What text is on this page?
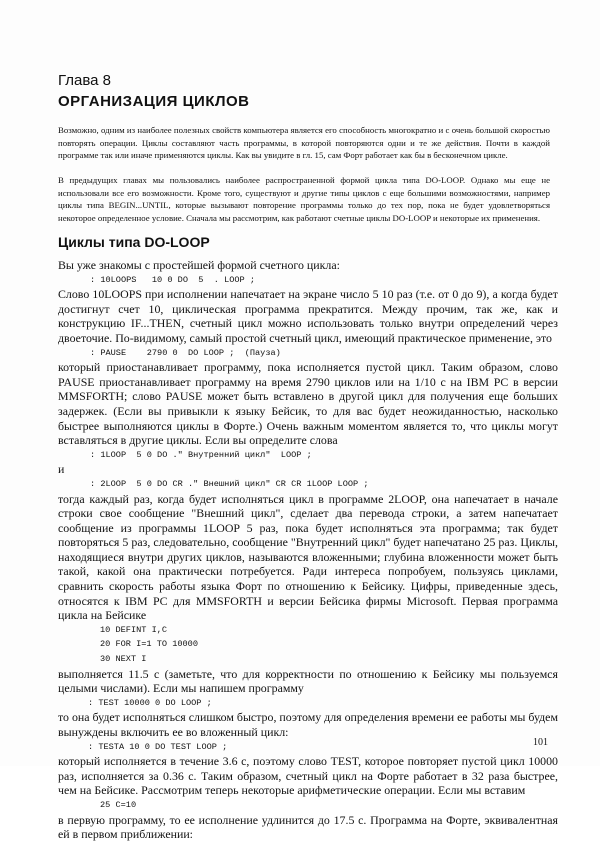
Глава 8
ОРГАНИЗАЦИЯ ЦИКЛОВ

Возможно, одним из наиболее полезных свойств компьютера является его способность многократно и с очень большой скоростью повторять операции. Циклы составляют часть программы, в которой повторяются одни и те же действия. Почти в каждой программе так или иначе применяются циклы. Как вы увидите в гл. 15, сам Форт работает как бы в бесконечном цикле.

В предыдущих главах мы пользовались наиболее распространенной формой цикла типа DO-LOOP. Однако мы еще не использовали все его возможности. Кроме того, существуют и другие типы циклов с еще большими возможностями, например циклы типа BEGIN...UNTIL, которые вызывают повторение программы только до тех пор, пока не будет удовлетворяться некоторое определенное условие. Сначала мы рассмотрим, как работают счетные циклы DO-LOOP и некоторые их применения.

Циклы типа DO-LOOP

Вы уже знакомы с простейшей формой счетного цикла:

: 10LOOPS   10 0 DO  5  . LOOP ;

Слово 10LOOPS при исполнении напечатает на экране число 5 10 раз (т.е. от 0 до 9), а когда будет достигнут счет 10, циклическая программа прекратится. Между прочим, так же, как и конструкцию IF...THEN, счетный цикл можно использовать только внутри определений через двоеточие. По-видимому, самый простой счетный цикл, имеющий практическое применение, это

: PAUSE    2790 0  DO LOOP ;  (Пауза)

который приостанавливает программу, пока исполняется пустой цикл. Таким образом, слово PAUSE приостанавливает программу на время 2790 циклов или на 1/10 с на IBM PC в версии MMSFORTH; слово PAUSE может быть вставлено в другой цикл для получения еще больших задержек. (Если вы привыкли к языку Бейсик, то для вас будет неожиданностью, насколько быстрее выполняются циклы в Форте.) Очень важным моментом является то, что циклы могут вставляться в другие циклы. Если вы определите слова

: 1LOOP  5 0 DO ." Внутренний цикл"  LOOP ;

и

: 2LOOP  5 0 DO CR ." Внешний цикл" CR CR 1LOOP LOOP ;

тогда каждый раз, когда будет исполняться цикл в программе 2LOOP, она напечатает в начале строки свое сообщение "Внешний цикл", сделает два перевода строки, а затем напечатает сообщение из программы 1LOOP 5 раз, пока будет исполняться эта программа; так будет повторяться 5 раз, следовательно, сообщение "Внутренний цикл" будет напечатано 25 раз. Циклы, находящиеся внутри других циклов, называются вложенными; глубина вложенности может быть такой, какой она практически потребуется. Ради интереса попробуем, пользуясь циклами, сравнить скорость работы языка Форт по отношению к Бейсику. Цифры, приведенные здесь, относятся к IBM PC для MMSFORTH и версии Бейсика фирмы Microsoft. Первая программа цикла на Бейсике

10 DEFINT I,C
20 FOR I=1 TO 10000
30 NEXT I

выполняется 11.5 с (заметьте, что для корректности по отношению к Бейсику мы пользуемся целыми числами). Если мы напишем программу

: TEST 10000 0 DO LOOP ;

то она будет исполняться слишком быстро, поэтому для определения времени ее работы мы будем вынуждены включить ее во вложенный цикл:

: TESTA 10 0 DO TEST LOOP ;

который исполняется в течение 3.6 с, поэтому слово TEST, которое повторяет пустой цикл 10000 раз, исполняется за 0.36 с. Таким образом, счетный цикл на Форте работает в 32 раза быстрее, чем на Бейсике. Рассмотрим теперь некоторые арифметические операции. Если мы вставим

25 C=10

в первую программу, то ее исполнение удлинится до 17.5 с. Программа на Форте, эквивалентная ей в первом приближении:

101
